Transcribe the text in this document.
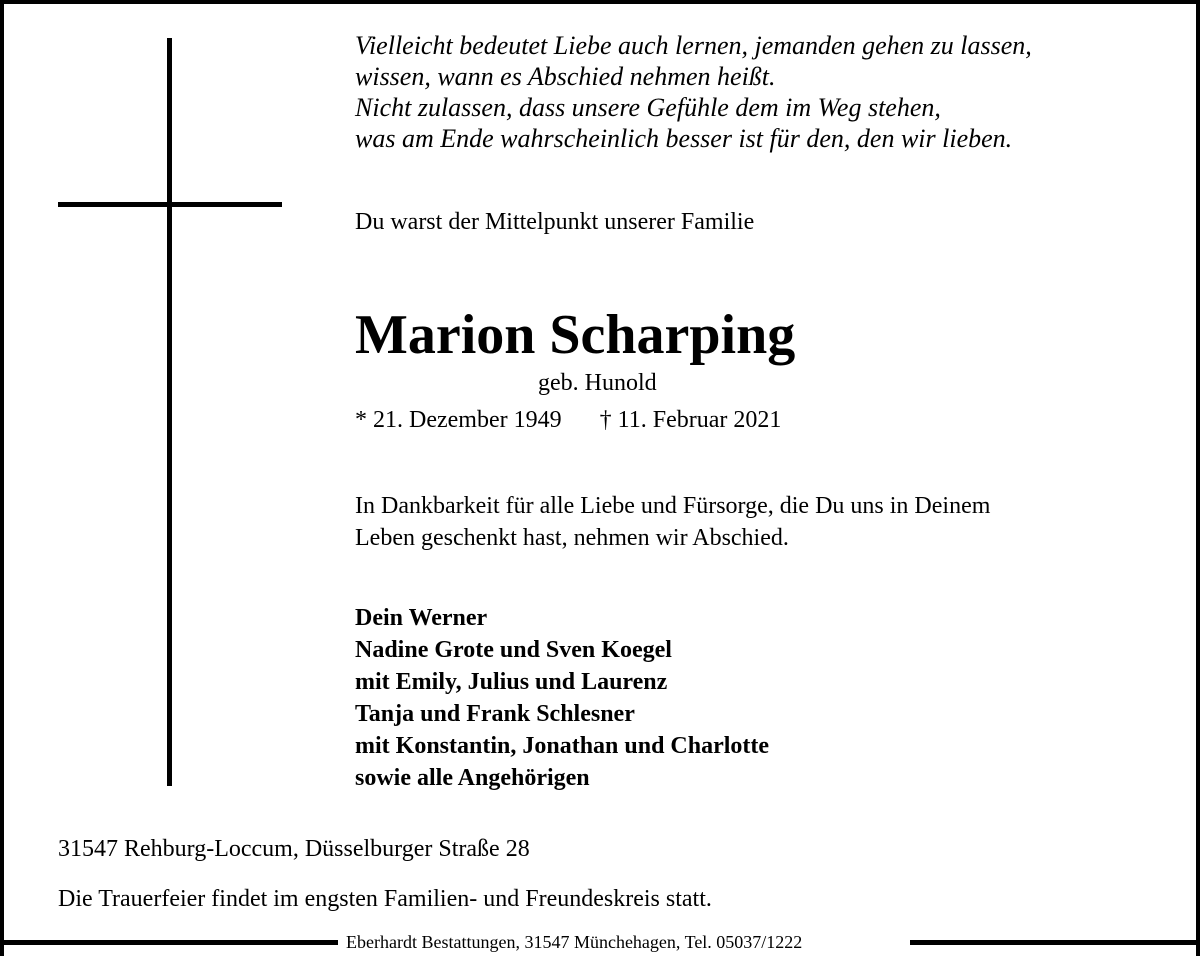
Vielleicht bedeutet Liebe auch lernen, jemanden gehen zu lassen,
wissen, wann es Abschied nehmen heißt.
Nicht zulassen, dass unsere Gefühle dem im Weg stehen,
was am Ende wahrscheinlich besser ist für den, den wir lieben.
Du warst der Mittelpunkt unserer Familie
Marion Scharping
geb. Hunold
* 21. Dezember 1949 † 11. Februar 2021
In Dankbarkeit für alle Liebe und Fürsorge, die Du uns in Deinem
Leben geschenkt hast, nehmen wir Abschied.
Dein Werner
Nadine Grote und Sven Koegel
mit Emily, Julius und Laurenz
Tanja und Frank Schlesner
mit Konstantin, Jonathan und Charlotte
sowie alle Angehörigen
31547 Rehburg-Loccum, Düsselburger Straße 28
Die Trauerfeier findet im engsten Familien- und Freundeskreis statt.
Eberhardt Bestattungen, 31547 Münchehagen, Tel. 05037/1222
